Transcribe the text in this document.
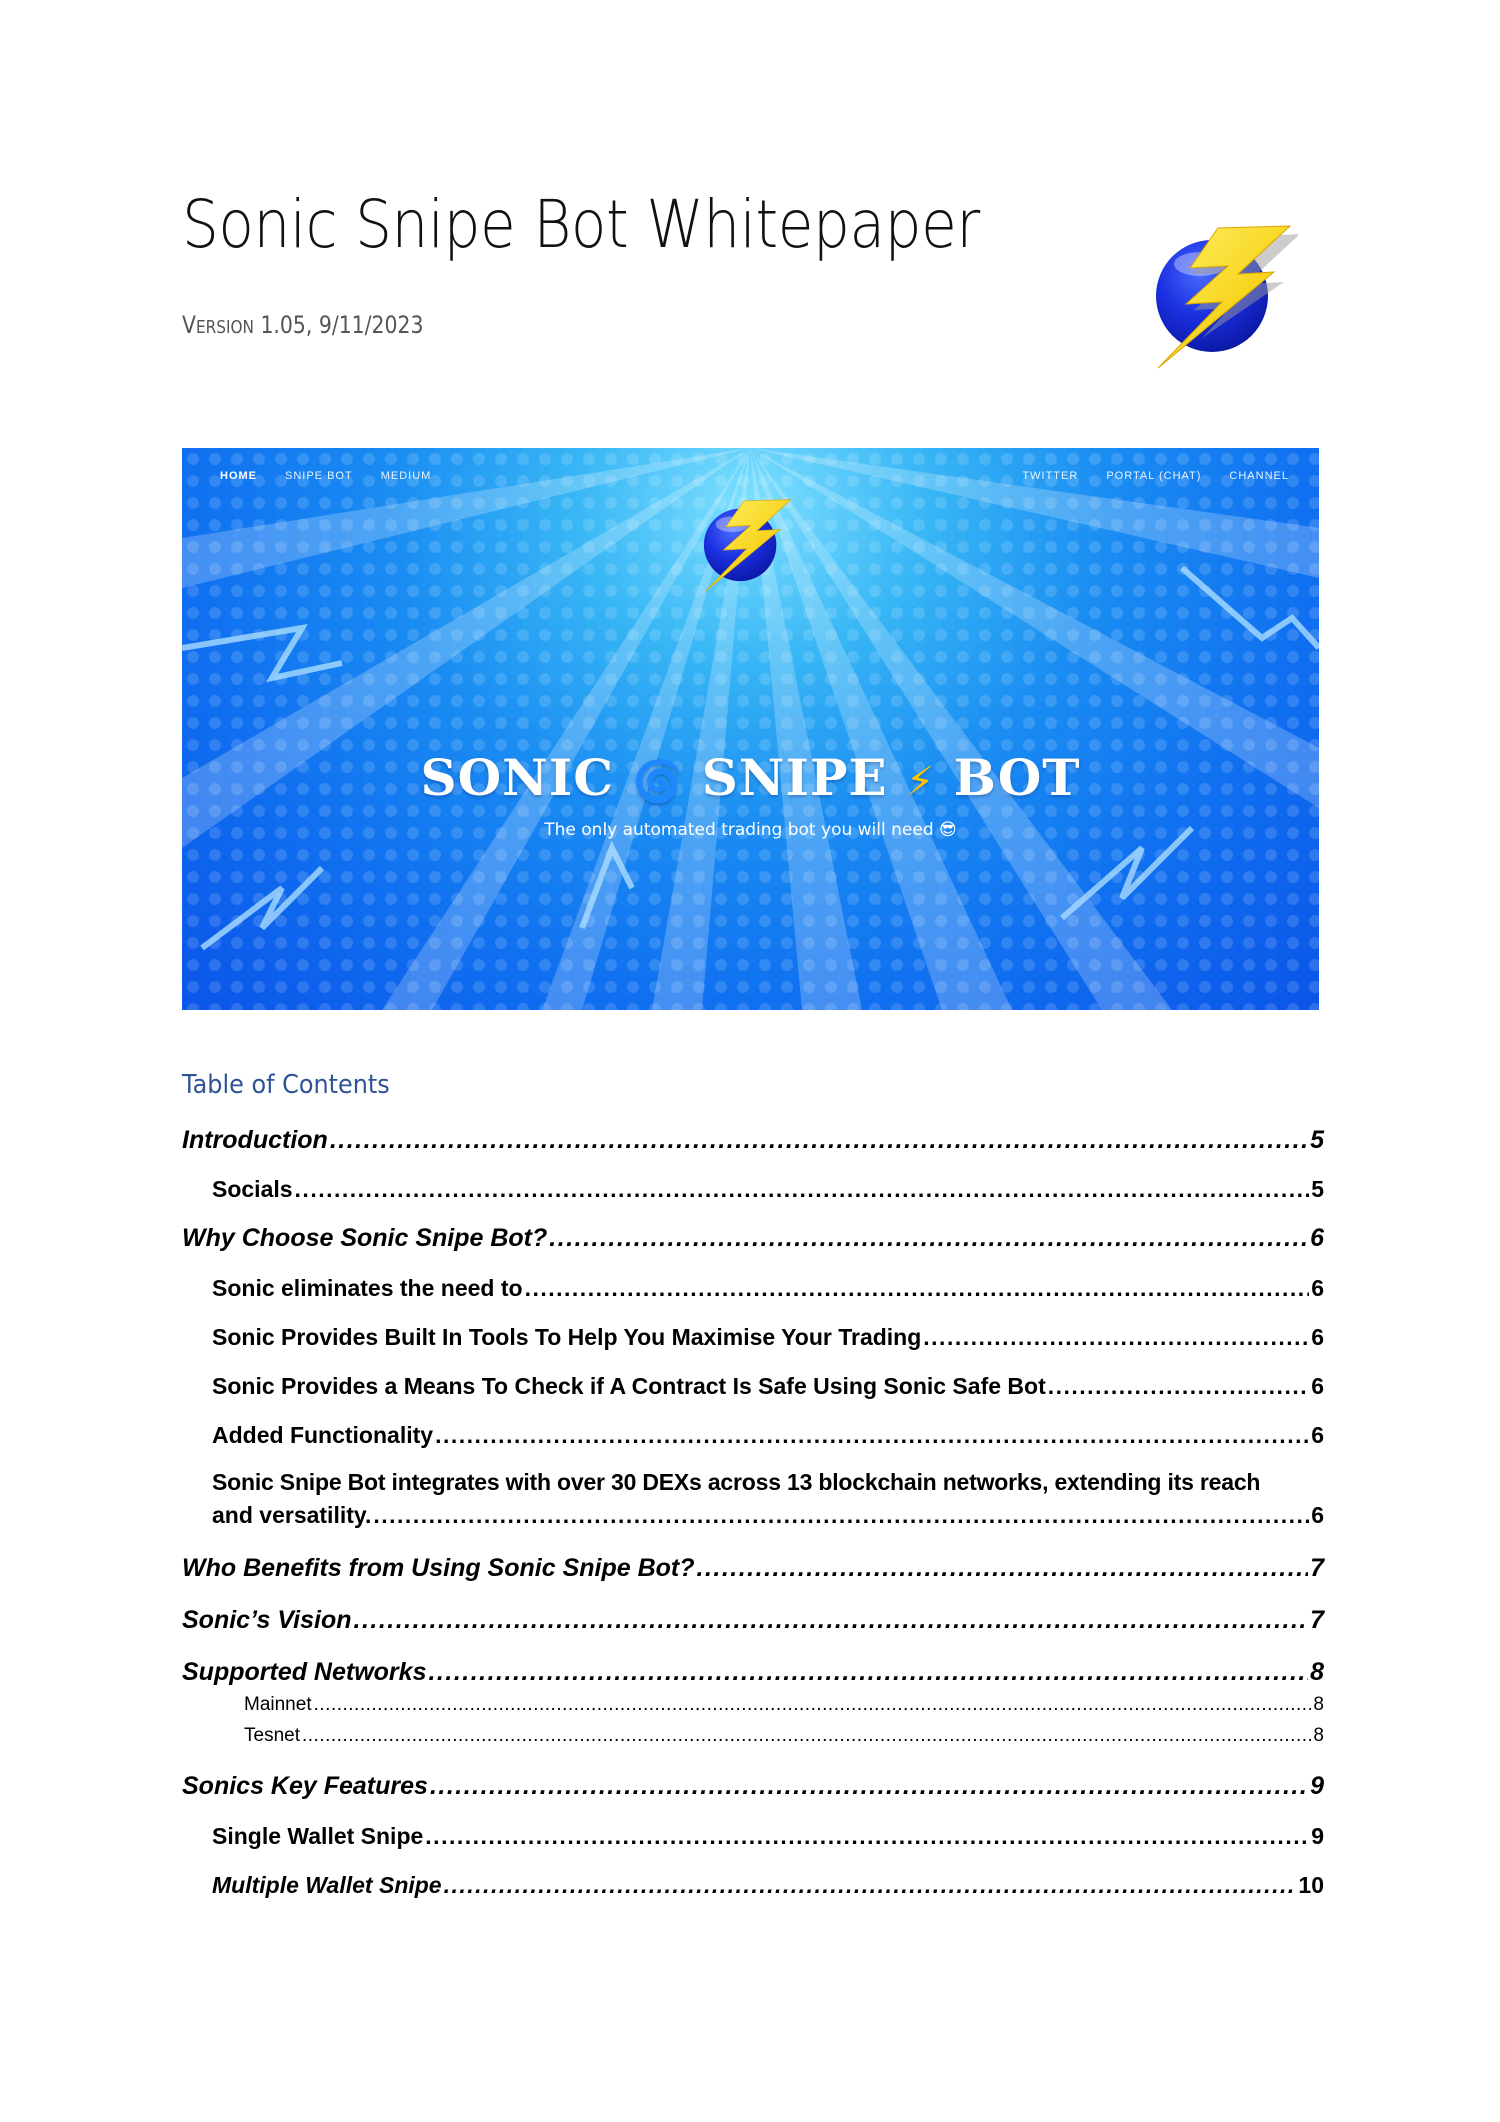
Sonic Snipe Bot Whitepaper
VERSION 1.05, 9/11/2023
HOME	SNIPE BOT	MEDIUM	TWITTER	PORTAL (CHAT)	CHANNEL
SONIC 🌀 SNIPE ⚡ BOT
The only automated trading bot you will need 😎
Table of Contents
Introduction .....	5
Socials .....	5
Why Choose Sonic Snipe Bot? .....	6
Sonic eliminates the need to .....	6
Sonic Provides Built In Tools To Help You Maximise Your Trading .....	6
Sonic Provides a Means To Check if A Contract Is Safe Using Sonic Safe Bot .....	6
Added Functionality .....	6
Sonic Snipe Bot integrates with over 30 DEXs across 13 blockchain networks, extending its reach
and versatility. .....	6
Who Benefits from Using Sonic Snipe Bot? .....	7
Sonic’s Vision .....	7
Supported Networks .....	8
Mainnet .....	8
Tesnet .....	8
Sonics Key Features .....	9
Single Wallet Snipe .....	9
Multiple Wallet Snipe .....	10
